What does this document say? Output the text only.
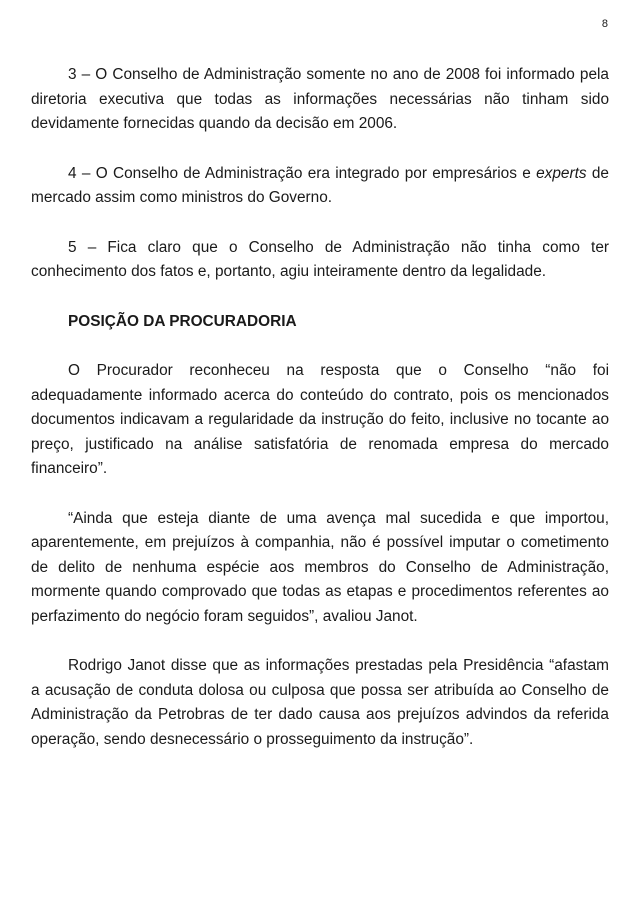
8

3 – O Conselho de Administração somente no ano de 2008 foi informado pela diretoria executiva que todas as informações necessárias não tinham sido devidamente fornecidas quando da decisão em 2006.

4 – O Conselho de Administração era integrado por empresários e experts de mercado assim como ministros do Governo.

5 – Fica claro que o Conselho de Administração não tinha como ter conhecimento dos fatos e, portanto, agiu inteiramente dentro da legalidade.

POSIÇÃO DA PROCURADORIA

O Procurador reconheceu na resposta que o Conselho “não foi adequadamente informado acerca do conteúdo do contrato, pois os mencionados documentos indicavam a regularidade da instrução do feito, inclusive no tocante ao preço, justificado na análise satisfatória de renomada empresa do mercado financeiro”.

“Ainda que esteja diante de uma avença mal sucedida e que importou, aparentemente, em prejuízos à companhia, não é possível imputar o cometimento de delito de nenhuma espécie aos membros do Conselho de Administração, mormente quando comprovado que todas as etapas e procedimentos referentes ao perfazimento do negócio foram seguidos”, avaliou Janot.

Rodrigo Janot disse que as informações prestadas pela Presidência “afastam a acusação de conduta dolosa ou culposa que possa ser atribuída ao Conselho de Administração da Petrobras de ter dado causa aos prejuízos advindos da referida operação, sendo desnecessário o prosseguimento da instrução”.
